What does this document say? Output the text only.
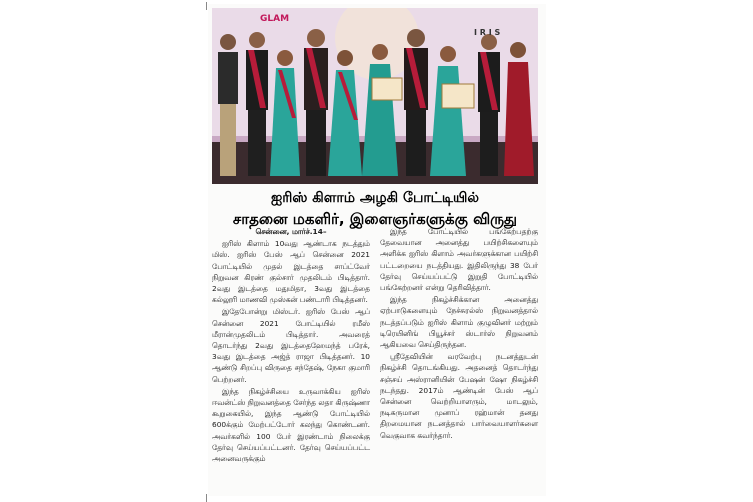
GLAM
I R I S
ஐரிஸ் கிளாம் அழகி போட்டியில்
சாதனை மகளிர், இளைஞர்களுக்கு விருது
சென்னை, மார்ச்.14–

ஐரிஸ் கிளாம் 10வது ஆண்டாக நடத்தும் மிஸ். ஐரிஸ் பேஸ் ஆப் சென்னை 2021 போட்டியில் முதல் இடத்தை சாப்ட்வேர் நிறுவன கிரண் குல்சார் முதலிடம் பிடித்தார். 2வது இடத்தை மதுமிதா, 3வது இடத்தை கல்லூரி மாணவி முஸ்கன் பண்டாரி பிடித்தனர்.

இதேபோன்று மிஸ்டர். ஐரிஸ் பேஸ் ஆப் சென்னை 2021 போட்டியில் ரமீஸ் மீரான்முதலிடம் பிடித்தார். அவரைத் தொடர்ந்து 2வது இடத்தைஹேமந்த் பரேக், 3வது இடத்தை அஜ்த் ராஜா பிடித்தனர். 10 ஆண்டு சிறப்பு விருதை சந்தேஷ், நேகா குமாரி பெற்றனர்.

இந்த நிகழ்ச்சியை உருவாக்கிய ஐரிஸ் ஈவன்ட்ஸ் நிறுவனத்தை சேர்ந்த லதா கிருஷ்ணா கூறுகையில், இந்த ஆண்டு போட்டியில் 600க்கும் மேற்பட்டோர் கலந்து கொண்டனர். அவர்களில் 100 பேர் இரண்டாம் நிலைக்கு தேர்வு செய்யப்பட்டனர். தேர்வு செய்யப்பட்ட அனைவருக்கும்

இந்த போட்டியில் பங்கேற்பதற்கு தேவையான அனைத்து பயிற்சிகளையும் அளிக்க ஐரிஸ் கிளாம் அவர்களுக்கான பயிற்சி பட்டறையை நடத்தியது. இதிலிருந்து 38 பேர் தேர்வு செய்யப்பட்டு இறுதி போட்டியில் பங்கேற்றனர் என்று தெரிவித்தார்.

இந்த நிகழ்ச்சிக்கான அனைத்து ஏற்பாடுகளையும் நேச்சுரல்ஸ் நிறுவனத்தால் நடத்தப்படும் ஐரிஸ் கிளாம் குழுவினர் மற்றும் டிரெயினிங் பியூச்சர் ஸ்டார்ஸ் நிறுவனம் ஆகியவை செய்திருந்தன.

ஸ்ரீதேவியின் வரவேற்பு நடனத்துடன் நிகழ்ச்சி தொடங்கியது. அதனைத் தொடர்ந்து சஞ்சய் அஸ்ரானியின் பேஷன் ஷோ நிகழ்ச்சி நடந்தது. 2017ம் ஆண்டின் பேஸ் ஆப் சென்னை வெற்றியாளரும், மாடலும், நடிகருமான முனாப் ரஹ்மான் தனது திறமையான நடனத்தால் பார்வையாளர்களை வெகுவாக கவர்ந்தார்.
